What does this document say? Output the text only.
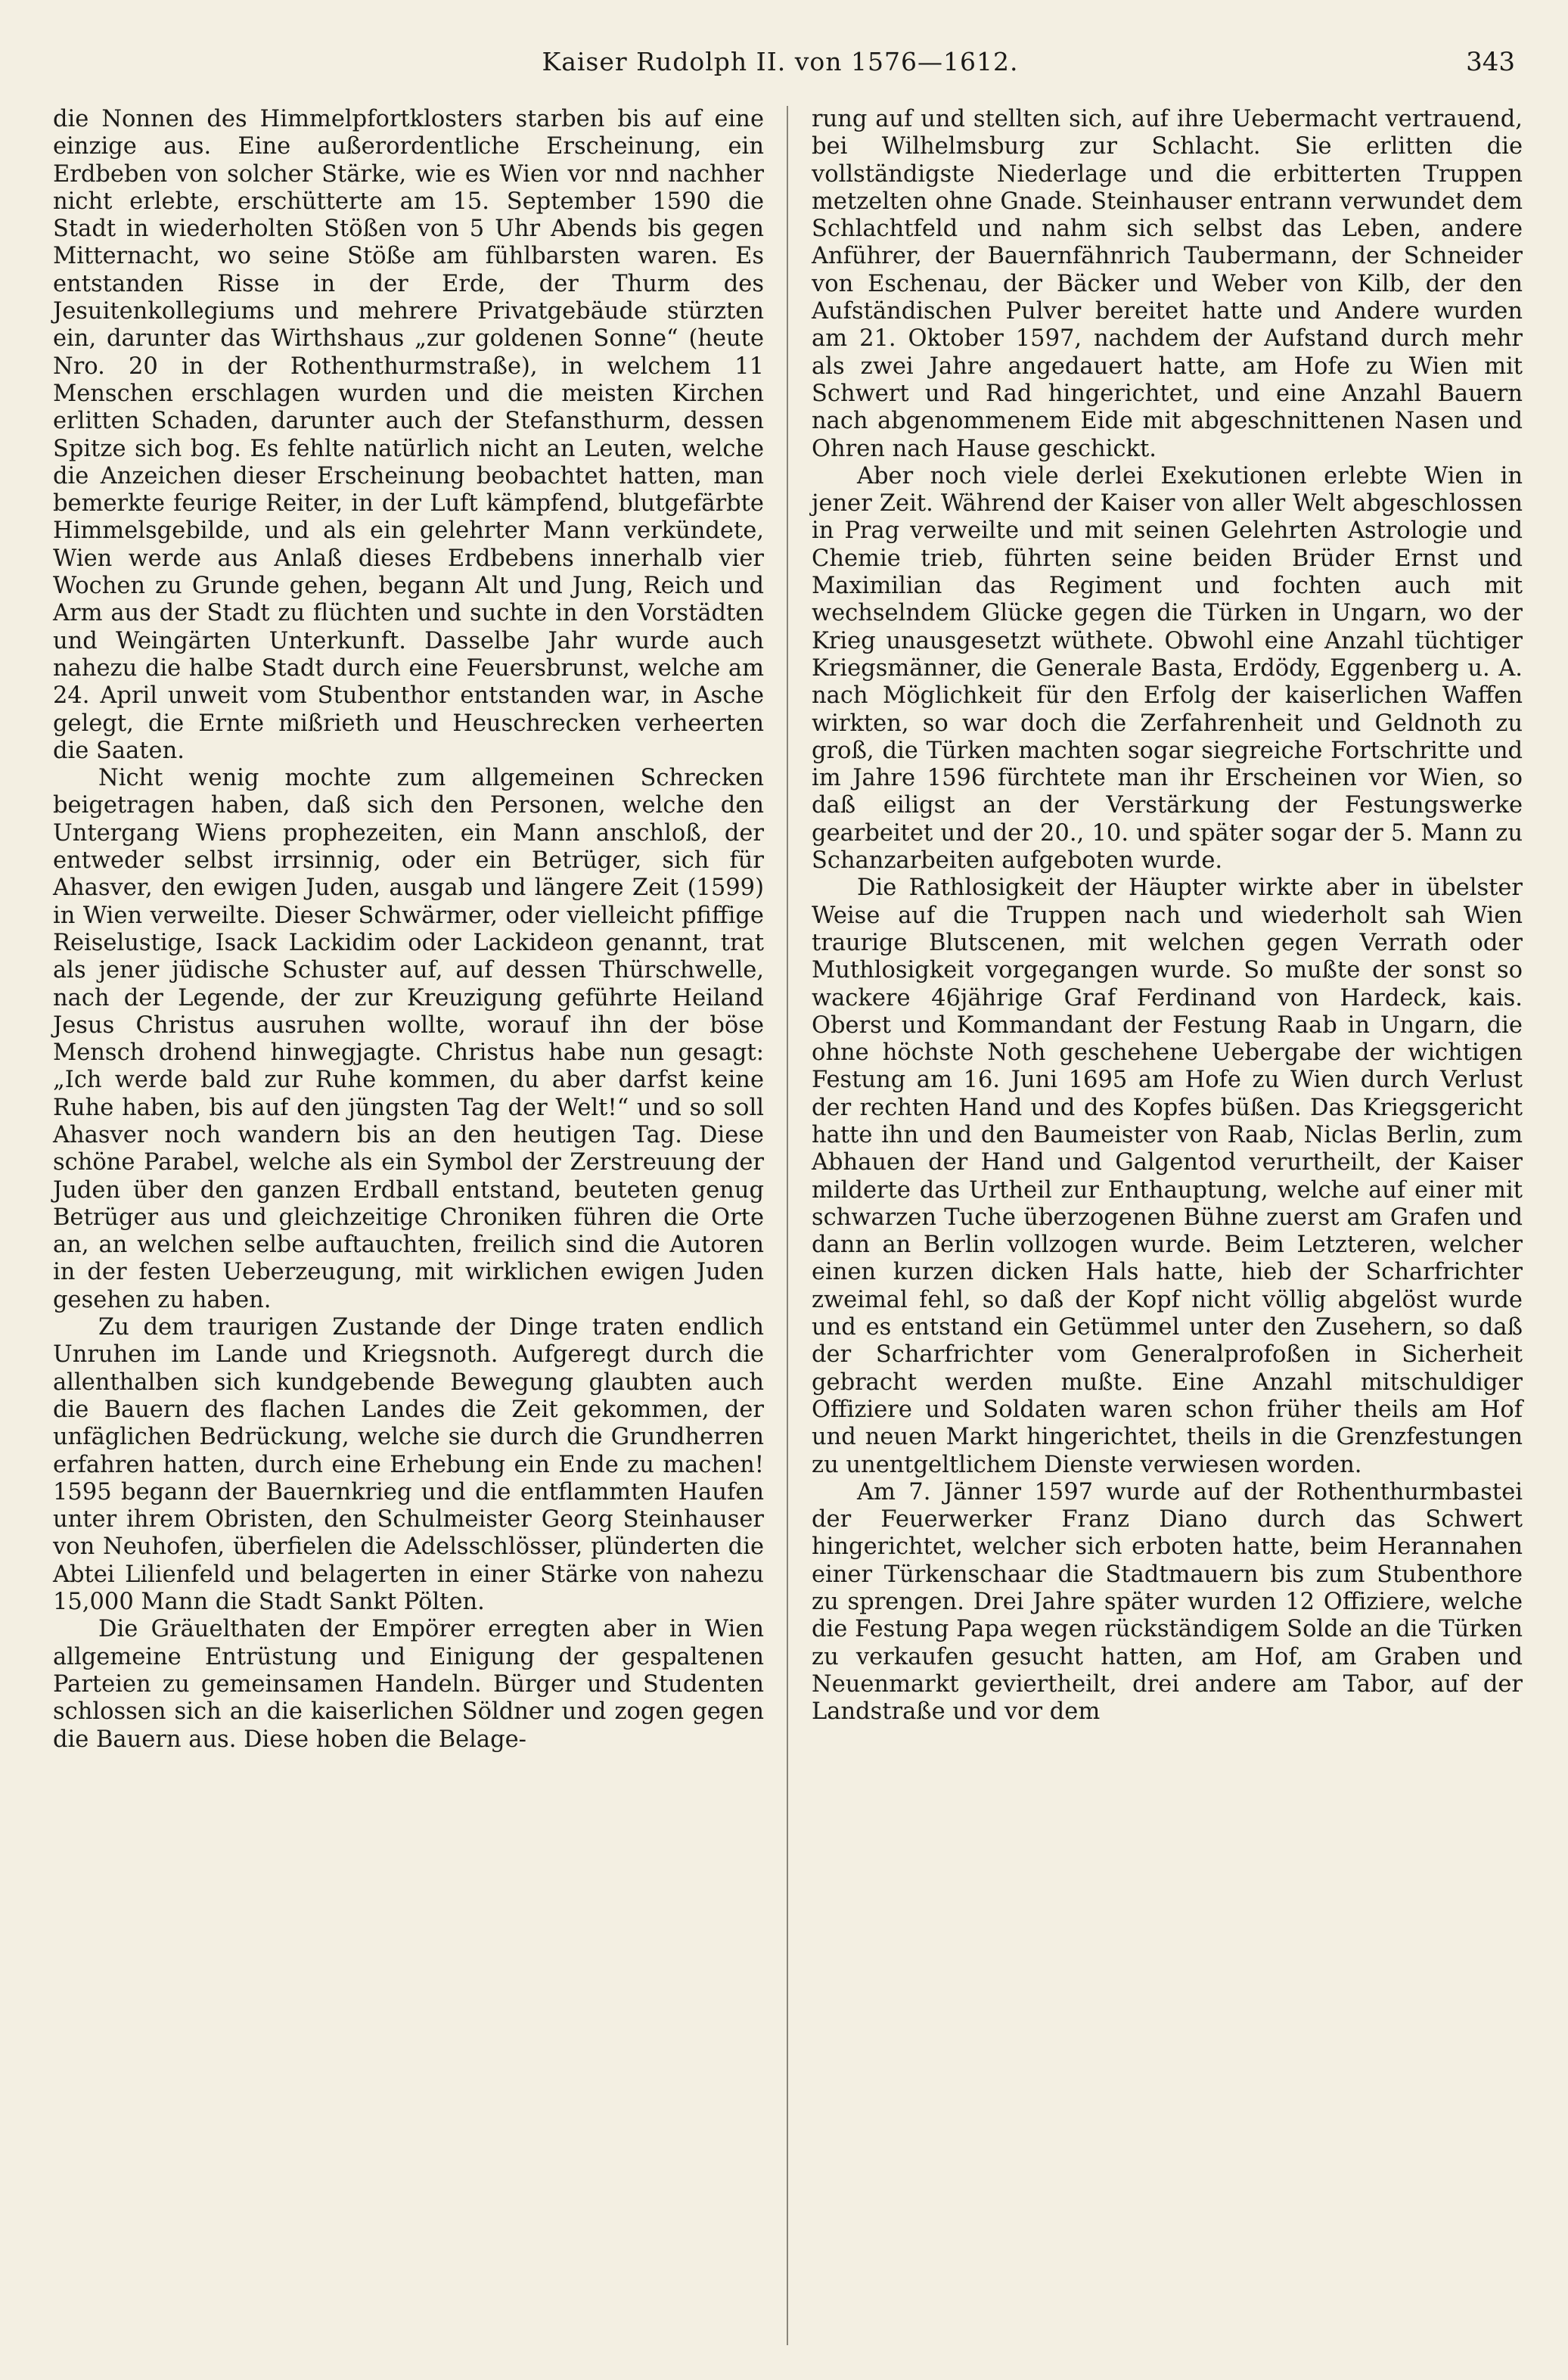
Kaiser Rudolph II. von 1576—1612.	343

die Nonnen des Himmelpfortklosters starben bis auf eine einzige aus. Eine außerordentliche Erscheinung, ein Erdbeben von solcher Stärke, wie es Wien vor nnd nachher nicht erlebte, erschütterte am 15. September 1590 die Stadt in wiederholten Stößen von 5 Uhr Abends bis gegen Mitternacht, wo seine Stöße am fühlbarsten waren. Es entstanden Risse in der Erde, der Thurm des Jesuitenkollegiums und mehrere Privatgebäude stürzten ein, darunter das Wirthshaus „zur goldenen Sonne“ (heute Nro. 20 in der Rothenthurmstraße), in welchem 11 Menschen erschlagen wurden und die meisten Kirchen erlitten Schaden, darunter auch der Stefansthurm, dessen Spitze sich bog. Es fehlte natürlich nicht an Leuten, welche die Anzeichen dieser Erscheinung beobachtet hatten, man bemerkte feurige Reiter, in der Luft kämpfend, blutgefärbte Himmelsgebilde, und als ein gelehrter Mann verkündete, Wien werde aus Anlaß dieses Erdbebens innerhalb vier Wochen zu Grunde gehen, begann Alt und Jung, Reich und Arm aus der Stadt zu flüchten und suchte in den Vorstädten und Weingärten Unterkunft. Dasselbe Jahr wurde auch nahezu die halbe Stadt durch eine Feuersbrunst, welche am 24. April unweit vom Stubenthor entstanden war, in Asche gelegt, die Ernte mißrieth und Heuschrecken verheerten die Saaten.

Nicht wenig mochte zum allgemeinen Schrecken beigetragen haben, daß sich den Personen, welche den Untergang Wiens prophezeiten, ein Mann anschloß, der entweder selbst irrsinnig, oder ein Betrüger, sich für Ahasver, den ewigen Juden, ausgab und längere Zeit (1599) in Wien verweilte. Dieser Schwärmer, oder vielleicht pfiffige Reiselustige, Isack Lackidim oder Lackideon genannt, trat als jener jüdische Schuster auf, auf dessen Thürschwelle, nach der Legende, der zur Kreuzigung geführte Heiland Jesus Christus ausruhen wollte, worauf ihn der böse Mensch drohend hinwegjagte. Christus habe nun gesagt: „Ich werde bald zur Ruhe kommen, du aber darfst keine Ruhe haben, bis auf den jüngsten Tag der Welt!“ und so soll Ahasver noch wandern bis an den heutigen Tag. Diese schöne Parabel, welche als ein Symbol der Zerstreuung der Juden über den ganzen Erdball entstand, beuteten genug Betrüger aus und gleichzeitige Chroniken führen die Orte an, an welchen selbe auftauchten, freilich sind die Autoren in der festen Ueberzeugung, mit wirklichen ewigen Juden gesehen zu haben.

Zu dem traurigen Zustande der Dinge traten endlich Unruhen im Lande und Kriegsnoth. Aufgeregt durch die allenthalben sich kundgebende Bewegung glaubten auch die Bauern des flachen Landes die Zeit gekommen, der unfäglichen Bedrückung, welche sie durch die Grundherren erfahren hatten, durch eine Erhebung ein Ende zu machen! 1595 begann der Bauernkrieg und die entflammten Haufen unter ihrem Obristen, den Schulmeister Georg Steinhauser von Neuhofen, überfielen die Adelsschlösser, plünderten die Abtei Lilienfeld und belagerten in einer Stärke von nahezu 15,000 Mann die Stadt Sankt Pölten.

Die Gräuelthaten der Empörer erregten aber in Wien allgemeine Entrüstung und Einigung der gespaltenen Parteien zu gemeinsamen Handeln. Bürger und Studenten schlossen sich an die kaiserlichen Söldner und zogen gegen die Bauern aus. Diese hoben die Belage-

rung auf und stellten sich, auf ihre Uebermacht vertrauend, bei Wilhelmsburg zur Schlacht. Sie erlitten die vollständigste Niederlage und die erbitterten Truppen metzelten ohne Gnade. Steinhauser entrann verwundet dem Schlachtfeld und nahm sich selbst das Leben, andere Anführer, der Bauernfähnrich Taubermann, der Schneider von Eschenau, der Bäcker und Weber von Kilb, der den Aufständischen Pulver bereitet hatte und Andere wurden am 21. Oktober 1597, nachdem der Aufstand durch mehr als zwei Jahre angedauert hatte, am Hofe zu Wien mit Schwert und Rad hingerichtet, und eine Anzahl Bauern nach abgenommenem Eide mit abgeschnittenen Nasen und Ohren nach Hause geschickt.

Aber noch viele derlei Exekutionen erlebte Wien in jener Zeit. Während der Kaiser von aller Welt abgeschlossen in Prag verweilte und mit seinen Gelehrten Astrologie und Chemie trieb, führten seine beiden Brüder Ernst und Maximilian das Regiment und fochten auch mit wechselndem Glücke gegen die Türken in Ungarn, wo der Krieg unausgesetzt wüthete. Obwohl eine Anzahl tüchtiger Kriegsmänner, die Generale Basta, Erdödy, Eggenberg u. A. nach Möglichkeit für den Erfolg der kaiserlichen Waffen wirkten, so war doch die Zerfahrenheit und Geldnoth zu groß, die Türken machten sogar siegreiche Fortschritte und im Jahre 1596 fürchtete man ihr Erscheinen vor Wien, so daß eiligst an der Verstärkung der Festungswerke gearbeitet und der 20., 10. und später sogar der 5. Mann zu Schanzarbeiten aufgeboten wurde.

Die Rathlosigkeit der Häupter wirkte aber in übelster Weise auf die Truppen nach und wiederholt sah Wien traurige Blutscenen, mit welchen gegen Verrath oder Muthlosigkeit vorgegangen wurde. So mußte der sonst so wackere 46jährige Graf Ferdinand von Hardeck, kais. Oberst und Kommandant der Festung Raab in Ungarn, die ohne höchste Noth geschehene Uebergabe der wichtigen Festung am 16. Juni 1695 am Hofe zu Wien durch Verlust der rechten Hand und des Kopfes büßen. Das Kriegsgericht hatte ihn und den Baumeister von Raab, Niclas Berlin, zum Abhauen der Hand und Galgentod verurtheilt, der Kaiser milderte das Urtheil zur Enthauptung, welche auf einer mit schwarzen Tuche überzogenen Bühne zuerst am Grafen und dann an Berlin vollzogen wurde. Beim Letzteren, welcher einen kurzen dicken Hals hatte, hieb der Scharfrichter zweimal fehl, so daß der Kopf nicht völlig abgelöst wurde und es entstand ein Getümmel unter den Zusehern, so daß der Scharfrichter vom Generalprofoßen in Sicherheit gebracht werden mußte. Eine Anzahl mitschuldiger Offiziere und Soldaten waren schon früher theils am Hof und neuen Markt hingerichtet, theils in die Grenzfestungen zu unentgeltlichem Dienste verwiesen worden.

Am 7. Jänner 1597 wurde auf der Rothenthurmbastei der Feuerwerker Franz Diano durch das Schwert hingerichtet, welcher sich erboten hatte, beim Herannahen einer Türkenschaar die Stadtmauern bis zum Stubenthore zu sprengen. Drei Jahre später wurden 12 Offiziere, welche die Festung Papa wegen rückständigem Solde an die Türken zu verkaufen gesucht hatten, am Hof, am Graben und Neuenmarkt geviertheilt, drei andere am Tabor, auf der Landstraße und vor dem
